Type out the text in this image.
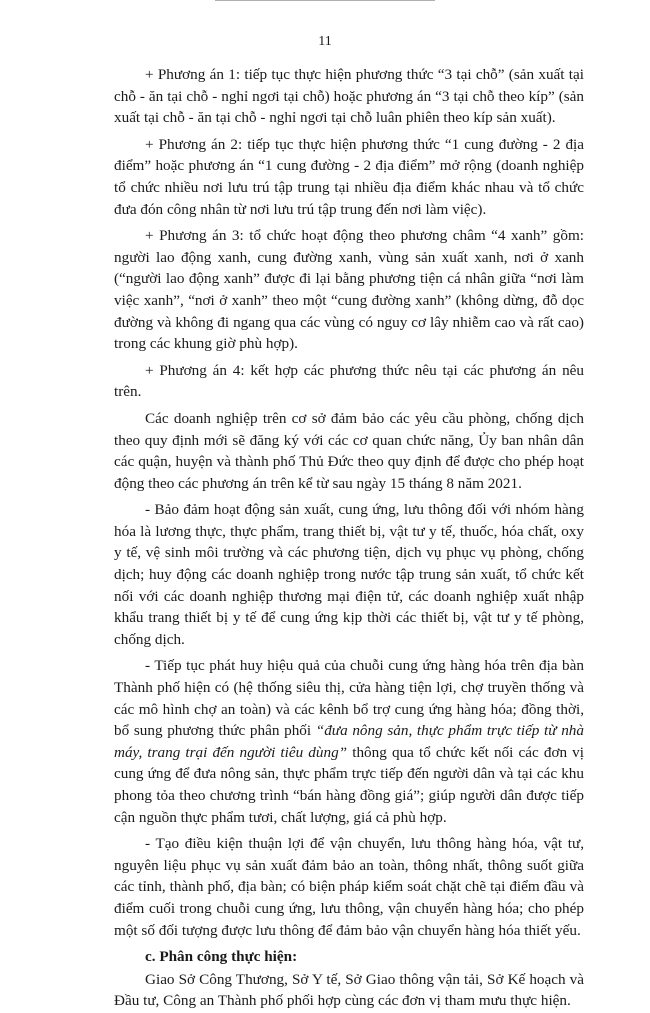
11

+ Phương án 1: tiếp tục thực hiện phương thức “3 tại chỗ” (sản xuất tại chỗ - ăn tại chỗ - nghỉ ngơi tại chỗ) hoặc phương án “3 tại chỗ theo kíp” (sản xuất tại chỗ - ăn tại chỗ - nghỉ ngơi tại chỗ luân phiên theo kíp sản xuất).

+ Phương án 2: tiếp tục thực hiện phương thức “1 cung đường - 2 địa điểm” hoặc phương án “1 cung đường - 2 địa điểm” mở rộng (doanh nghiệp tổ chức nhiều nơi lưu trú tập trung tại nhiều địa điểm khác nhau và tổ chức đưa đón công nhân từ nơi lưu trú tập trung đến nơi làm việc).

+ Phương án 3: tổ chức hoạt động theo phương châm “4 xanh” gồm: người lao động xanh, cung đường xanh, vùng sản xuất xanh, nơi ở xanh (“người lao động xanh” được đi lại bằng phương tiện cá nhân giữa “nơi làm việc xanh”, “nơi ở xanh” theo một “cung đường xanh” (không dừng, đỗ dọc đường và không đi ngang qua các vùng có nguy cơ lây nhiễm cao và rất cao) trong các khung giờ phù hợp).

+ Phương án 4: kết hợp các phương thức nêu tại các phương án nêu trên.

Các doanh nghiệp trên cơ sở đảm bảo các yêu cầu phòng, chống dịch theo quy định mới sẽ đăng ký với các cơ quan chức năng, Ủy ban nhân dân các quận, huyện và thành phố Thủ Đức theo quy định để được cho phép hoạt động theo các phương án trên kể từ sau ngày 15 tháng 8 năm 2021.

- Bảo đảm hoạt động sản xuất, cung ứng, lưu thông đối với nhóm hàng hóa là lương thực, thực phẩm, trang thiết bị, vật tư y tế, thuốc, hóa chất, oxy y tế, vệ sinh môi trường và các phương tiện, dịch vụ phục vụ phòng, chống dịch; huy động các doanh nghiệp trong nước tập trung sản xuất, tổ chức kết nối với các doanh nghiệp thương mại điện tử, các doanh nghiệp xuất nhập khẩu trang thiết bị y tế để cung ứng kịp thời các thiết bị, vật tư y tế phòng, chống dịch.

- Tiếp tục phát huy hiệu quả của chuỗi cung ứng hàng hóa trên địa bàn Thành phố hiện có (hệ thống siêu thị, cửa hàng tiện lợi, chợ truyền thống và các mô hình chợ an toàn) và các kênh bổ trợ cung ứng hàng hóa; đồng thời, bổ sung phương thức phân phối “đưa nông sản, thực phẩm trực tiếp từ nhà máy, trang trại đến người tiêu dùng” thông qua tổ chức kết nối các đơn vị cung ứng để đưa nông sản, thực phẩm trực tiếp đến người dân và tại các khu phong tỏa theo chương trình “bán hàng đồng giá”; giúp người dân được tiếp cận nguồn thực phẩm tươi, chất lượng, giá cả phù hợp.

- Tạo điều kiện thuận lợi để vận chuyển, lưu thông hàng hóa, vật tư, nguyên liệu phục vụ sản xuất đảm bảo an toàn, thông nhất, thông suốt giữa các tỉnh, thành phố, địa bàn; có biện pháp kiểm soát chặt chẽ tại điểm đầu và điểm cuối trong chuỗi cung ứng, lưu thông, vận chuyển hàng hóa; cho phép một số đối tượng được lưu thông để đảm bảo vận chuyển hàng hóa thiết yếu.

c. Phân công thực hiện:

Giao Sở Công Thương, Sở Y tế, Sở Giao thông vận tải, Sở Kế hoạch và Đầu tư, Công an Thành phố phối hợp cùng các đơn vị tham mưu thực hiện.
